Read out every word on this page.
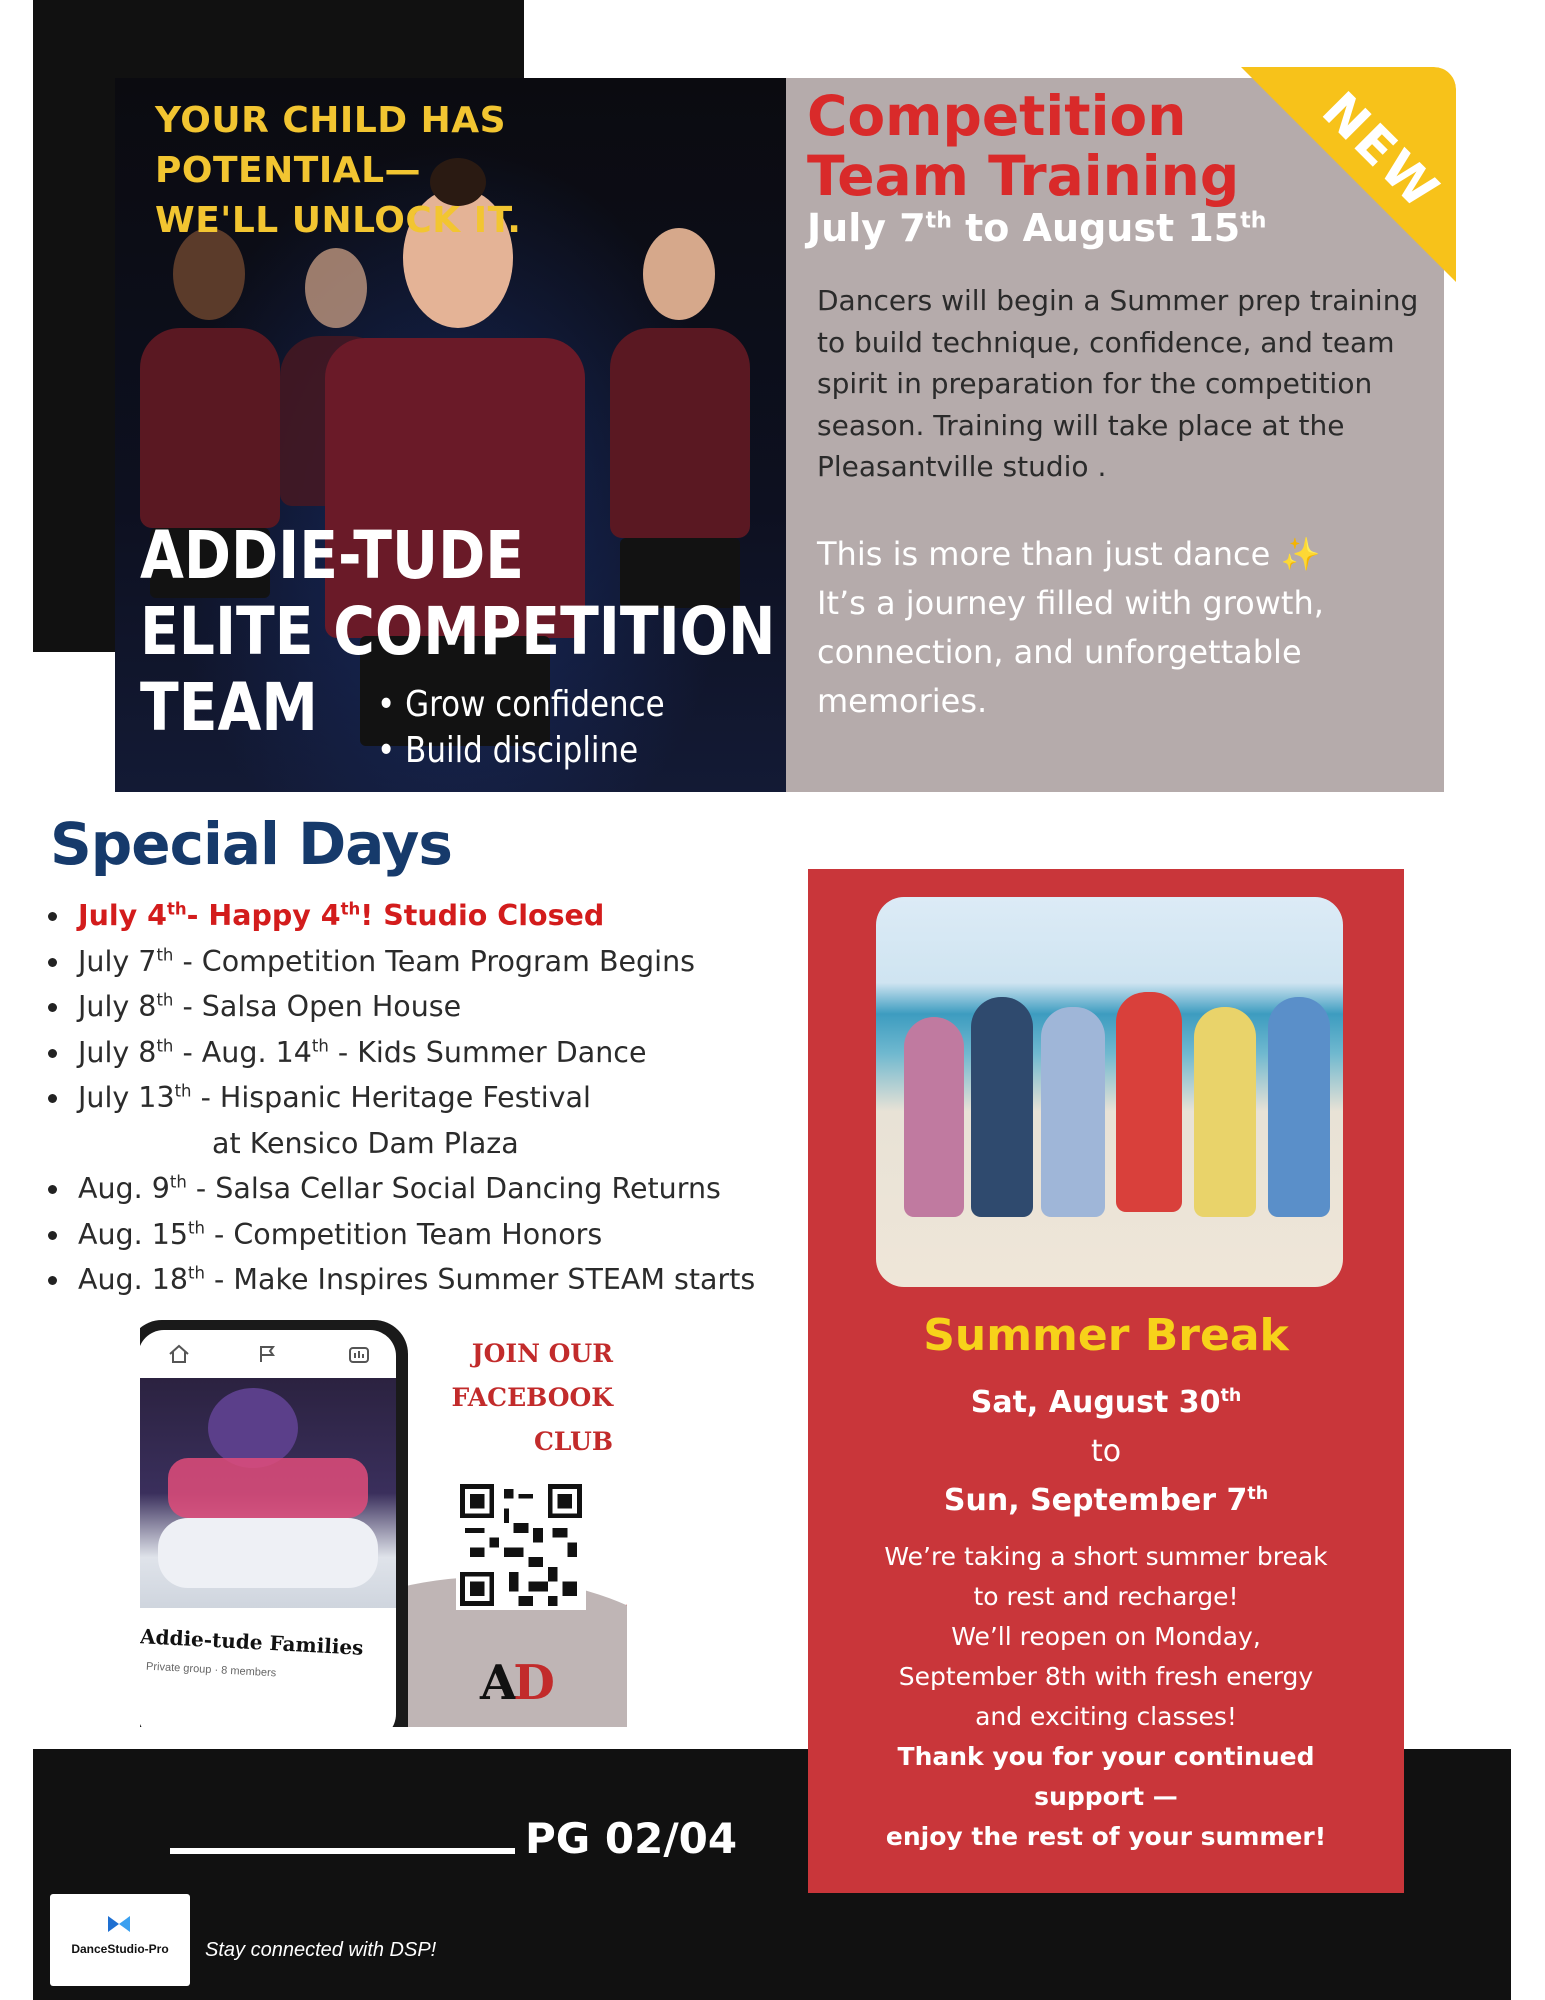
YOUR CHILD HAS POTENTIAL—
WE'LL UNLOCK IT.
ADDIE-TUDE
ELITE COMPETITION
TEAM	• Grow confidence
• Build discipline
NEW
Competition
Team Training
July 7th to August 15th
Dancers will begin a Summer prep training to build technique, confidence, and team spirit in preparation for the competition season. Training will take place at the Pleasantville studio .
This is more than just dance ✨
It’s a journey filled with growth, connection, and unforgettable memories.
Special Days
July 4th- Happy 4th! Studio Closed
July 7th - Competition Team Program Begins
July 8th - Salsa Open House
July 8th - Aug. 14th - Kids Summer Dance
July 13th - Hispanic Heritage Festival
at Kensico Dam Plaza
Aug. 9th - Salsa Cellar Social Dancing Returns
Aug. 15th - Competition Team Honors
Aug. 18th - Make Inspires Summer STEAM starts
Addie-tude Families
Private group · 8 members
JOIN OUR
FACEBOOK
CLUB
AD
Summer Break
Sat, August 30th
to
Sun, September 7th
We’re taking a short summer break
to rest and recharge!
We’ll reopen on Monday,
September 8th with fresh energy
and exciting classes!
Thank you for your continued
support —
enjoy the rest of your summer!
PG 02/04
DanceStudio-Pro	Stay connected with DSP!
